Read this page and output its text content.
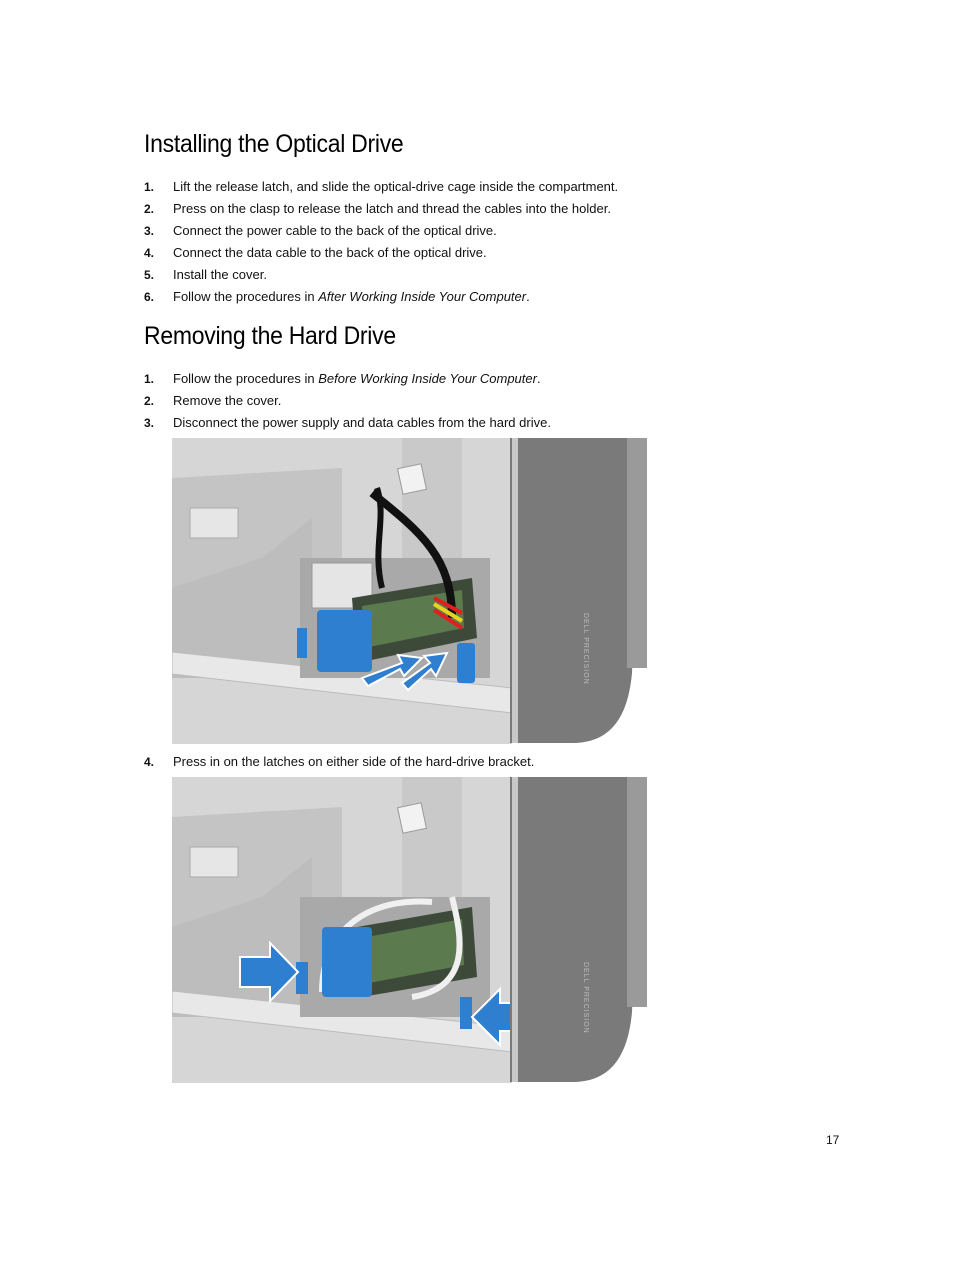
Installing the Optical Drive
1. Lift the release latch, and slide the optical-drive cage inside the compartment.
2. Press on the clasp to release the latch and thread the cables into the holder.
3. Connect the power cable to the back of the optical drive.
4. Connect the data cable to the back of the optical drive.
5. Install the cover.
6. Follow the procedures in After Working Inside Your Computer.
Removing the Hard Drive
1. Follow the procedures in Before Working Inside Your Computer.
2. Remove the cover.
3. Disconnect the power supply and data cables from the hard drive.
DELL PRECISION
4. Press in on the latches on either side of the hard-drive bracket.
DELL PRECISION
17
